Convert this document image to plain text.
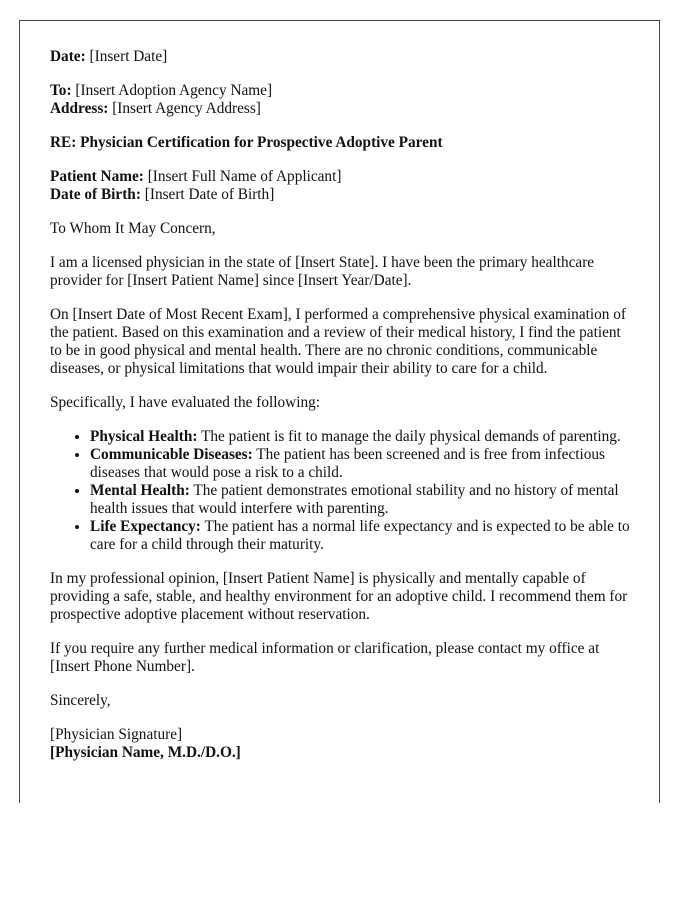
Date: [Insert Date]

To: [Insert Adoption Agency Name]
Address: [Insert Agency Address]

RE: Physician Certification for Prospective Adoptive Parent

Patient Name: [Insert Full Name of Applicant]
Date of Birth: [Insert Date of Birth]

To Whom It May Concern,

I am a licensed physician in the state of [Insert State]. I have been the primary healthcare provider for [Insert Patient Name] since [Insert Year/Date].

On [Insert Date of Most Recent Exam], I performed a comprehensive physical examination of the patient. Based on this examination and a review of their medical history, I find the patient to be in good physical and mental health. There are no chronic conditions, communicable diseases, or physical limitations that would impair their ability to care for a child.

Specifically, I have evaluated the following:

• Physical Health: The patient is fit to manage the daily physical demands of parenting.
• Communicable Diseases: The patient has been screened and is free from infectious diseases that would pose a risk to a child.
• Mental Health: The patient demonstrates emotional stability and no history of mental health issues that would interfere with parenting.
• Life Expectancy: The patient has a normal life expectancy and is expected to be able to care for a child through their maturity.

In my professional opinion, [Insert Patient Name] is physically and mentally capable of providing a safe, stable, and healthy environment for an adoptive child. I recommend them for prospective adoptive placement without reservation.

If you require any further medical information or clarification, please contact my office at [Insert Phone Number].

Sincerely,

[Physician Signature]
[Physician Name, M.D./D.O.]
